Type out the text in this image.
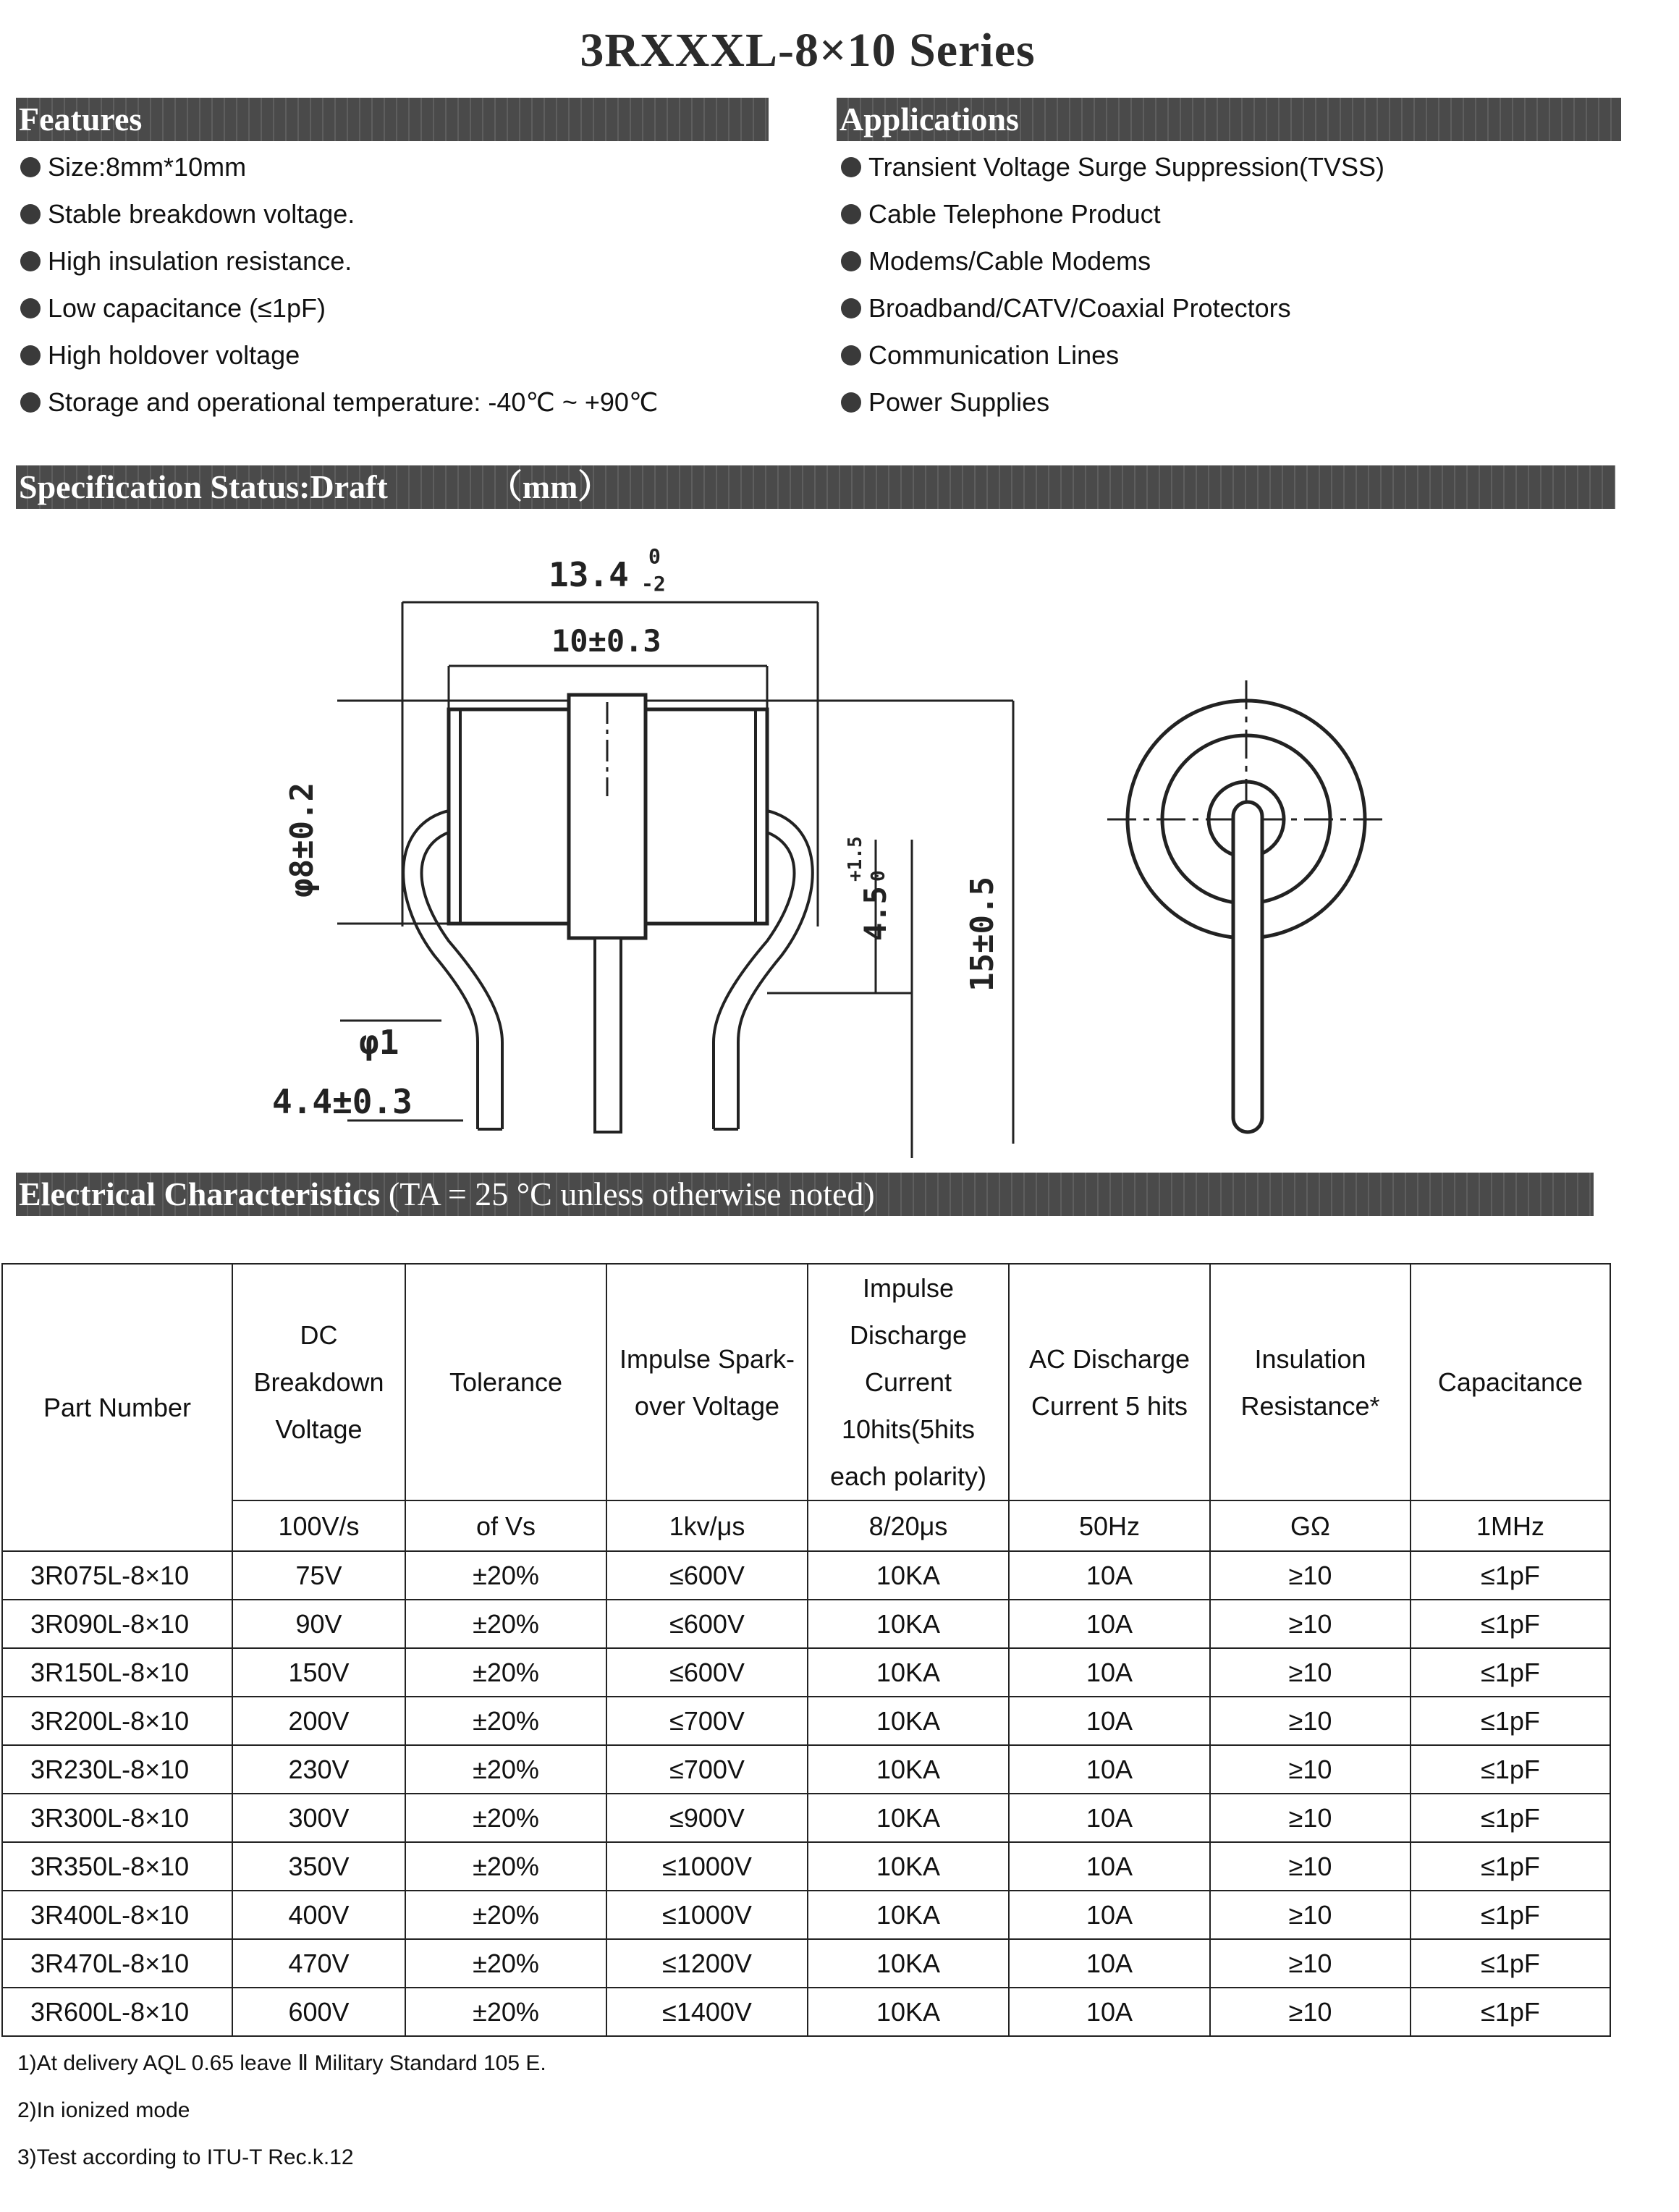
3RXXXL-8×10 Series
Features
Size:8mm*10mm
Stable breakdown voltage.
High insulation resistance.
Low capacitance (≤1pF)
High holdover voltage
Storage and operational temperature: -40℃ ~ +90℃
Applications
Transient Voltage Surge Suppression(TVSS)
Cable Telephone Product
Modems/Cable Modems
Broadband/CATV/Coaxial Protectors
Communication Lines
Power Supplies
Specification Status:Draft	（mm）
13.4 0
-2
10±0.3
φ8±0.2
φ1
4.4±0.3
4.5
+1.5 0
15±0.5
Electrical Characteristics (TA = 25 °C unless otherwise noted)
Part Number	DC Breakdown Voltage	Tolerance	Impulse Spark-over Voltage	Impulse Discharge Current 10hits(5hits each polarity)	AC Discharge Current 5 hits	Insulation Resistance*	Capacitance
	100V/s	of Vs	1kv/μs	8/20μs	50Hz	GΩ	1MHz
3R075L-8×10	75V	±20%	≤600V	10KA	10A	≥10	≤1pF
3R090L-8×10	90V	±20%	≤600V	10KA	10A	≥10	≤1pF
3R150L-8×10	150V	±20%	≤600V	10KA	10A	≥10	≤1pF
3R200L-8×10	200V	±20%	≤700V	10KA	10A	≥10	≤1pF
3R230L-8×10	230V	±20%	≤700V	10KA	10A	≥10	≤1pF
3R300L-8×10	300V	±20%	≤900V	10KA	10A	≥10	≤1pF
3R350L-8×10	350V	±20%	≤1000V	10KA	10A	≥10	≤1pF
3R400L-8×10	400V	±20%	≤1000V	10KA	10A	≥10	≤1pF
3R470L-8×10	470V	±20%	≤1200V	10KA	10A	≥10	≤1pF
3R600L-8×10	600V	±20%	≤1400V	10KA	10A	≥10	≤1pF
1)At delivery AQL 0.65 leave Ⅱ Military Standard 105 E.
2)In ionized mode
3)Test according to ITU-T Rec.k.12
